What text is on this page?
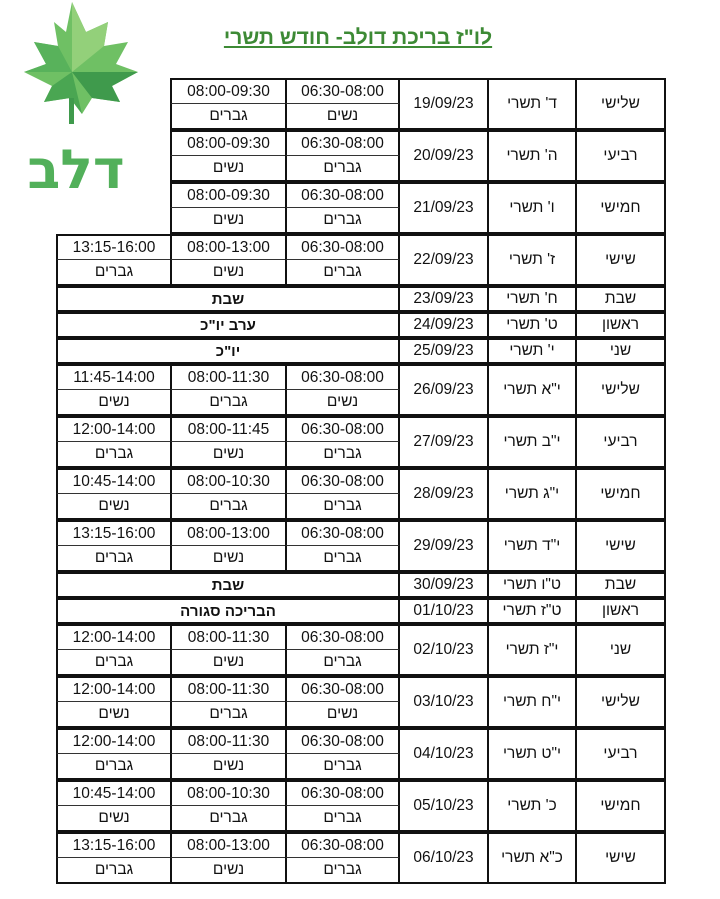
לו"ז בריכת דולב- חודש תשרי
דלב
06:30-08:00
נשים
08:00-09:30
גברים
19/09/23	ד' תשרי	שלישי
06:30-08:00
גברים
08:00-09:30
נשים
20/09/23	ה' תשרי	רביעי
06:30-08:00
גברים
08:00-09:30
נשים
21/09/23	ו' תשרי	חמישי
06:30-08:00
גברים
08:00-13:00
נשים
13:15-16:00
גברים
22/09/23	ז' תשרי	שישי
שבת	23/09/23	ח' תשרי	שבת
ערב יו"כ	24/09/23	ט' תשרי	ראשון
יו"כ	25/09/23	י' תשרי	שני
06:30-08:00
נשים
08:00-11:30
גברים
11:45-14:00
נשים
26/09/23	י"א תשרי	שלישי
06:30-08:00
גברים
08:00-11:45
נשים
12:00-14:00
גברים
27/09/23	י"ב תשרי	רביעי
06:30-08:00
גברים
08:00-10:30
גברים
10:45-14:00
נשים
28/09/23	י"ג תשרי	חמישי
06:30-08:00
גברים
08:00-13:00
נשים
13:15-16:00
גברים
29/09/23	י"ד תשרי	שישי
שבת	30/09/23	ט"ו תשרי	שבת
הבריכה סגורה	01/10/23	ט"ז תשרי	ראשון
06:30-08:00
גברים
08:00-11:30
נשים
12:00-14:00
גברים
02/10/23	י"ז תשרי	שני
06:30-08:00
נשים
08:00-11:30
גברים
12:00-14:00
נשים
03/10/23	י"ח תשרי	שלישי
06:30-08:00
גברים
08:00-11:30
נשים
12:00-14:00
גברים
04/10/23	י"ט תשרי	רביעי
06:30-08:00
גברים
08:00-10:30
גברים
10:45-14:00
נשים
05/10/23	כ' תשרי	חמישי
06:30-08:00
גברים
08:00-13:00
נשים
13:15-16:00
גברים
06/10/23	כ"א תשרי	שישי
